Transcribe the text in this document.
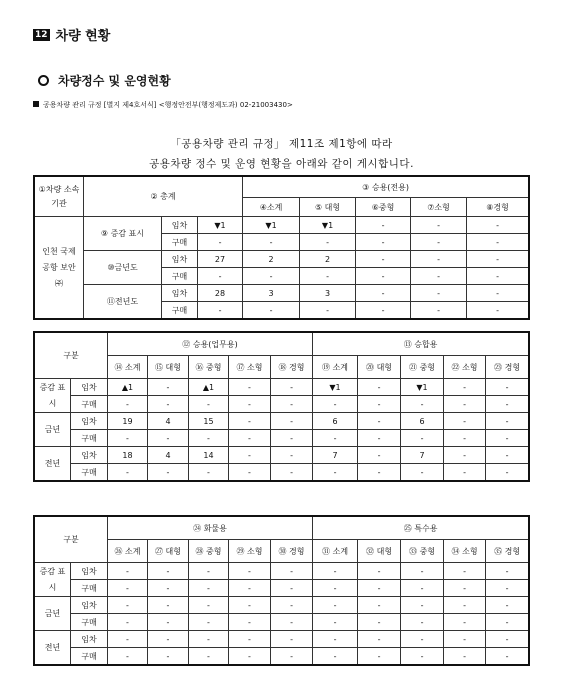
12 차량 현황
차량정수 및 운영현황
공용차량 관리 규정 [별지 제4호서식] <행정안전부(행정제도과) 02-21003430>
「공용차량 관리 규정」 제11조 제1항에 따라
공용차량 정수 및 운영 현황을 아래와 같이 게시합니다.
①차량 소속 기관	② 총계			③ 승용(전용)				
				④소계	⑤ 대형	⑥중형	⑦소형	⑧경형
인천 국제 공항 보안 ㈜	⑨ 증감 표시	임차	▼1	▼1	▼1	-	-	-
		구매	-	-	-	-	-	-
	⑩금년도	임차	27	2	2	-	-	-
		구매	-	-	-	-	-	-
	⑪전년도	임차	28	3	3	-	-	-
		구매	-	-	-	-	-	-
구분		⑫ 승용(업무용)					⑬ 승합용				
		⑭ 소계	⑮ 대형	⑯ 중형	⑰ 소형	⑱ 경형	⑲ 소계	⑳ 대형	㉑ 중형	㉒ 소형	㉓ 경형
증감 표시	임차	▲1	-	▲1	-	-	▼1	-	▼1	-	-
	구매	-	-	-	-	-	-	-	-	-	-
금년	임차	19	4	15	-	-	6	-	6	-	-
	구매	-	-	-	-	-	-	-	-	-	-
전년	임차	18	4	14	-	-	7	-	7	-	-
	구매	-	-	-	-	-	-	-	-	-	-
구분		㉔ 화물용					㉕ 특수용				
		㉖ 소계	㉗ 대형	㉘ 중형	㉙ 소형	㉚ 경형	㉛ 소계	㉜ 대형	㉝ 중형	㉞ 소형	㉟ 경형
증감 표시	임차	-	-	-	-	-	-	-	-	-	-
	구매	-	-	-	-	-	-	-	-	-	-
금년	임차	-	-	-	-	-	-	-	-	-	-
	구매	-	-	-	-	-	-	-	-	-	-
전년	임차	-	-	-	-	-	-	-	-	-	-
	구매	-	-	-	-	-	-	-	-	-	-
